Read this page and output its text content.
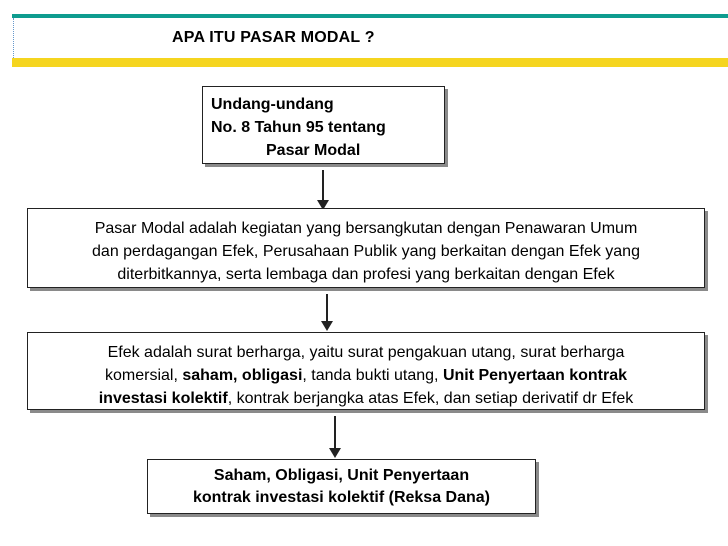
APA ITU PASAR MODAL ?
Undang-undang
No. 8 Tahun 95 tentang
Pasar Modal
Pasar Modal adalah kegiatan yang bersangkutan dengan Penawaran Umum
dan perdagangan Efek, Perusahaan Publik yang berkaitan dengan Efek yang
diterbitkannya, serta lembaga dan profesi yang berkaitan dengan Efek
Efek adalah surat berharga, yaitu surat pengakuan utang, surat berharga
komersial, saham, obligasi, tanda bukti utang, Unit Penyertaan kontrak
investasi kolektif, kontrak berjangka atas Efek, dan setiap derivatif dr Efek
Saham, Obligasi, Unit Penyertaan
kontrak investasi kolektif (Reksa Dana)
